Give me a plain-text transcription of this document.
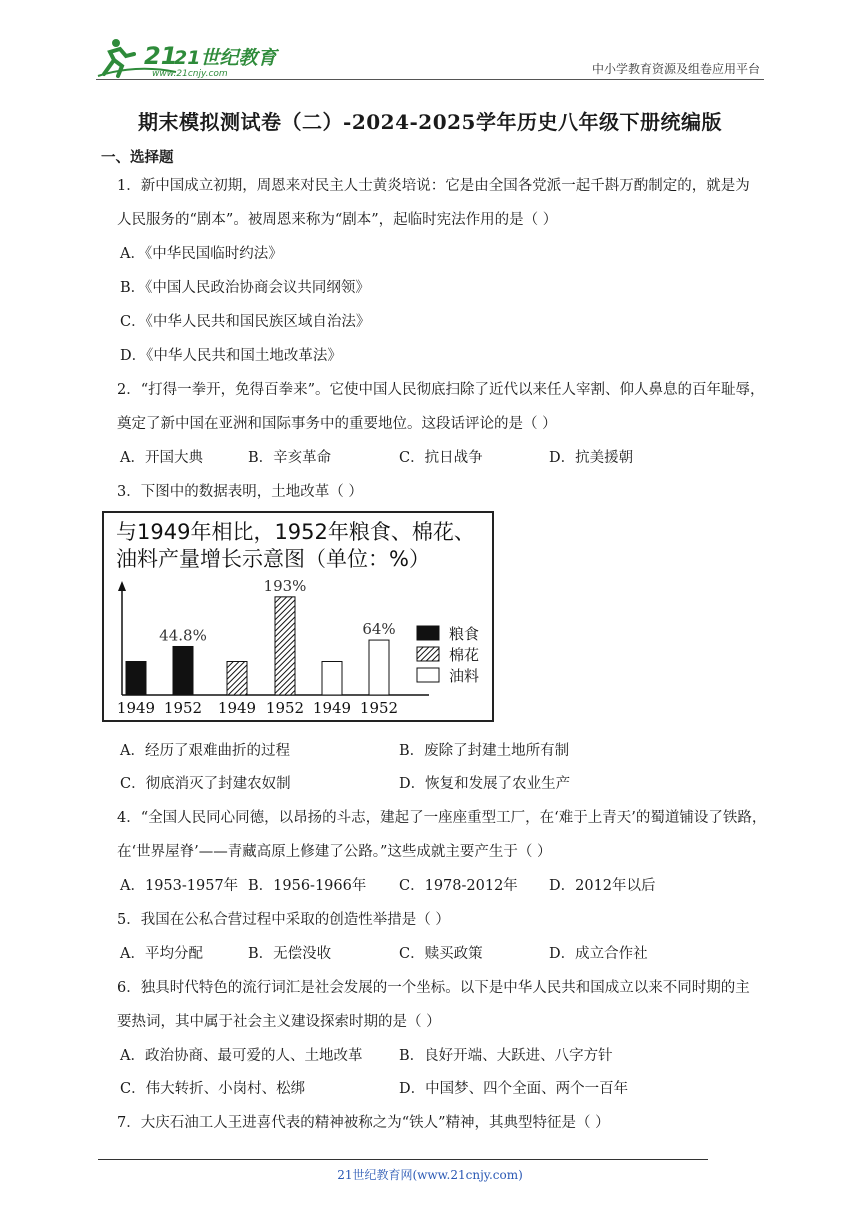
21
21世纪教育
www.21cnjy.com	中小学教育资源及组卷应用平台
期末模拟测试卷（二）-2024-2025学年历史八年级下册统编版
一、选择题
1．新中国成立初期，周恩来对民主人士黄炎培说：它是由全国各党派一起千斟万酌制定的，就是为
人民服务的“剧本”。被周恩来称为“剧本”，起临时宪法作用的是（ ）
A．《中华民国临时约法》
B．《中国人民政治协商会议共同纲领》
C．《中华人民共和国民族区域自治法》
D．《中华人民共和国土地改革法》
2．“打得一拳开，免得百拳来”。它使中国人民彻底扫除了近代以来任人宰割、仰人鼻息的百年耻辱，
奠定了新中国在亚洲和国际事务中的重要地位。这段话评论的是（ ）
A．开国大典	B．辛亥革命	C．抗日战争	D．抗美援朝
3．下图中的数据表明，土地改革（ ）
与1949年相比，1952年粮食、棉花、
油料产量增长示意图（单位：%）
44.8%
193%
64%
1949 1952 1949 1952 1949 1952
粮食
棉花
油料
A．经历了艰难曲折的过程	B．废除了封建土地所有制
C．彻底消灭了封建农奴制	D．恢复和发展了农业生产
4．“全国人民同心同德，以昂扬的斗志，建起了一座座重型工厂，在‘难于上青天’的蜀道铺设了铁路，
在‘世界屋脊’——青藏高原上修建了公路。”这些成就主要产生于（ ）
A．1953-1957年 B．1956-1966年 C．1978-2012年 D．2012年以后
5．我国在公私合营过程中采取的创造性举措是（ ）
A．平均分配	B．无偿没收	C．赎买政策	D．成立合作社
6．独具时代特色的流行词汇是社会发展的一个坐标。以下是中华人民共和国成立以来不同时期的主
要热词，其中属于社会主义建设探索时期的是（ ）
A．政治协商、最可爱的人、土地改革	B．良好开端、大跃进、八字方针
C．伟大转折、小岗村、松绑	D．中国梦、四个全面、两个一百年
7．大庆石油工人王进喜代表的精神被称之为“铁人”精神，其典型特征是（ ）
21世纪教育网(www.21cnjy.com)
